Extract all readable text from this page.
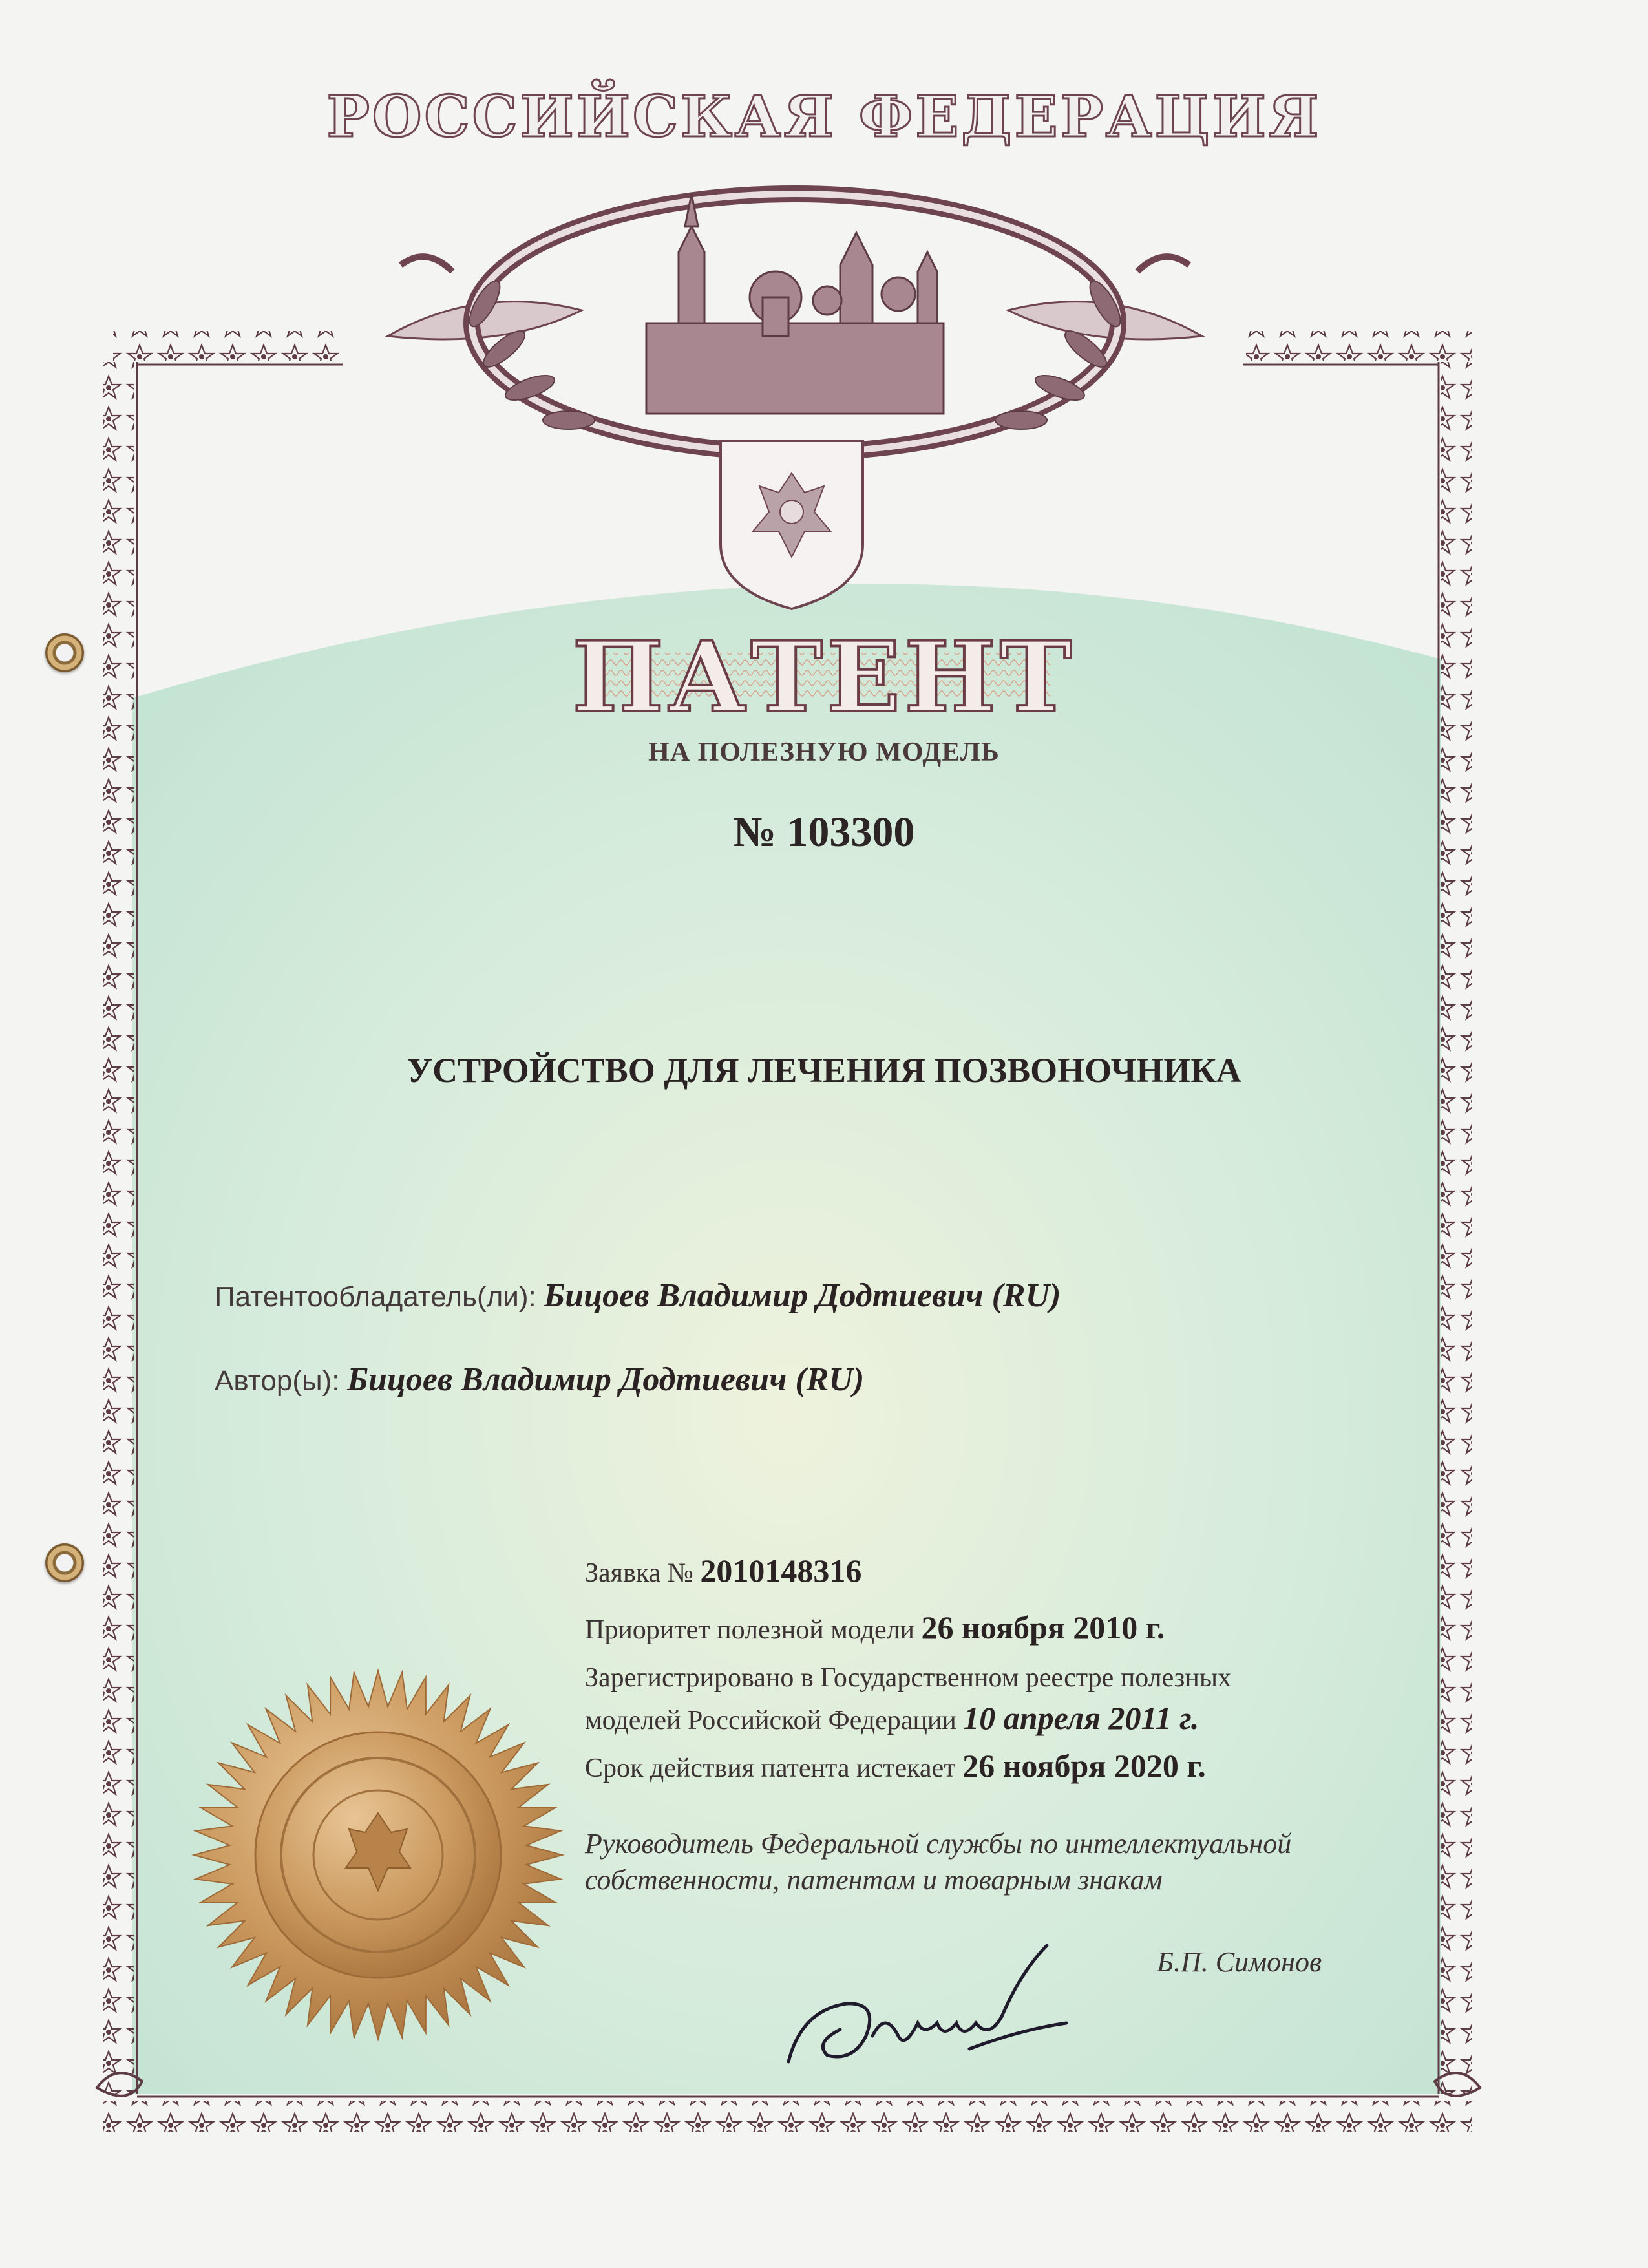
РОССИЙСКАЯ ФЕДЕРАЦИЯ
ПАТЕНТ
НА ПОЛЕЗНУЮ МОДЕЛЬ
№ 103300
УСТРОЙСТВО ДЛЯ ЛЕЧЕНИЯ ПОЗВОНОЧНИКА
Патентообладатель(ли): Бицоев Владимир Додтиевич (RU)
Автор(ы): Бицоев Владимир Додтиевич (RU)
Заявка № 2010148316
Приоритет полезной модели 26 ноября 2010 г.
Зарегистрировано в Государственном реестре полезных
моделей Российской Федерации 10 апреля 2011 г.
Срок действия патента истекает 26 ноября 2020 г.
Руководитель Федеральной службы по интеллектуальной
собственности, патентам и товарным знакам
Б.П. Симонов
